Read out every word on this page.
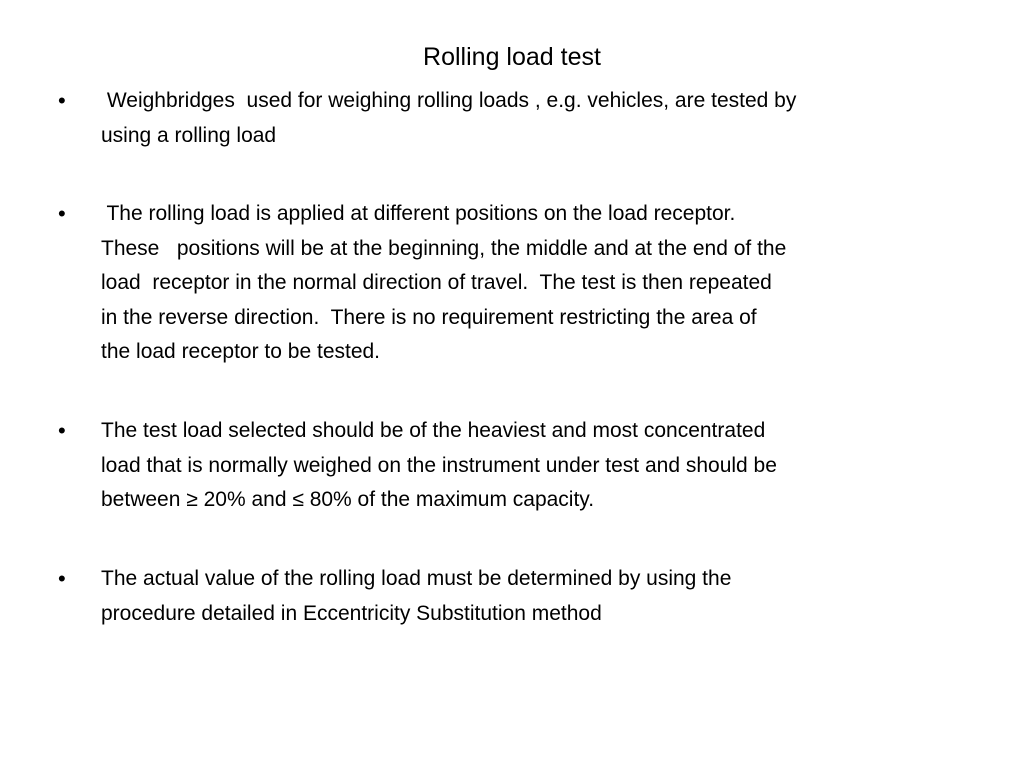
Rolling load test
• Weighbridges  used for weighing rolling loads , e.g. vehicles, are tested by
using a rolling load
• The rolling load is applied at different positions on the load receptor.
These   positions will be at the beginning, the middle and at the end of the
load  receptor in the normal direction of travel.  The test is then repeated
in the reverse direction.  There is no requirement restricting the area of
the load receptor to be tested.
• The test load selected should be of the heaviest and most concentrated
load that is normally weighed on the instrument under test and should be
between ≥ 20% and ≤ 80% of the maximum capacity.
• The actual value of the rolling load must be determined by using the
procedure detailed in Eccentricity Substitution method
